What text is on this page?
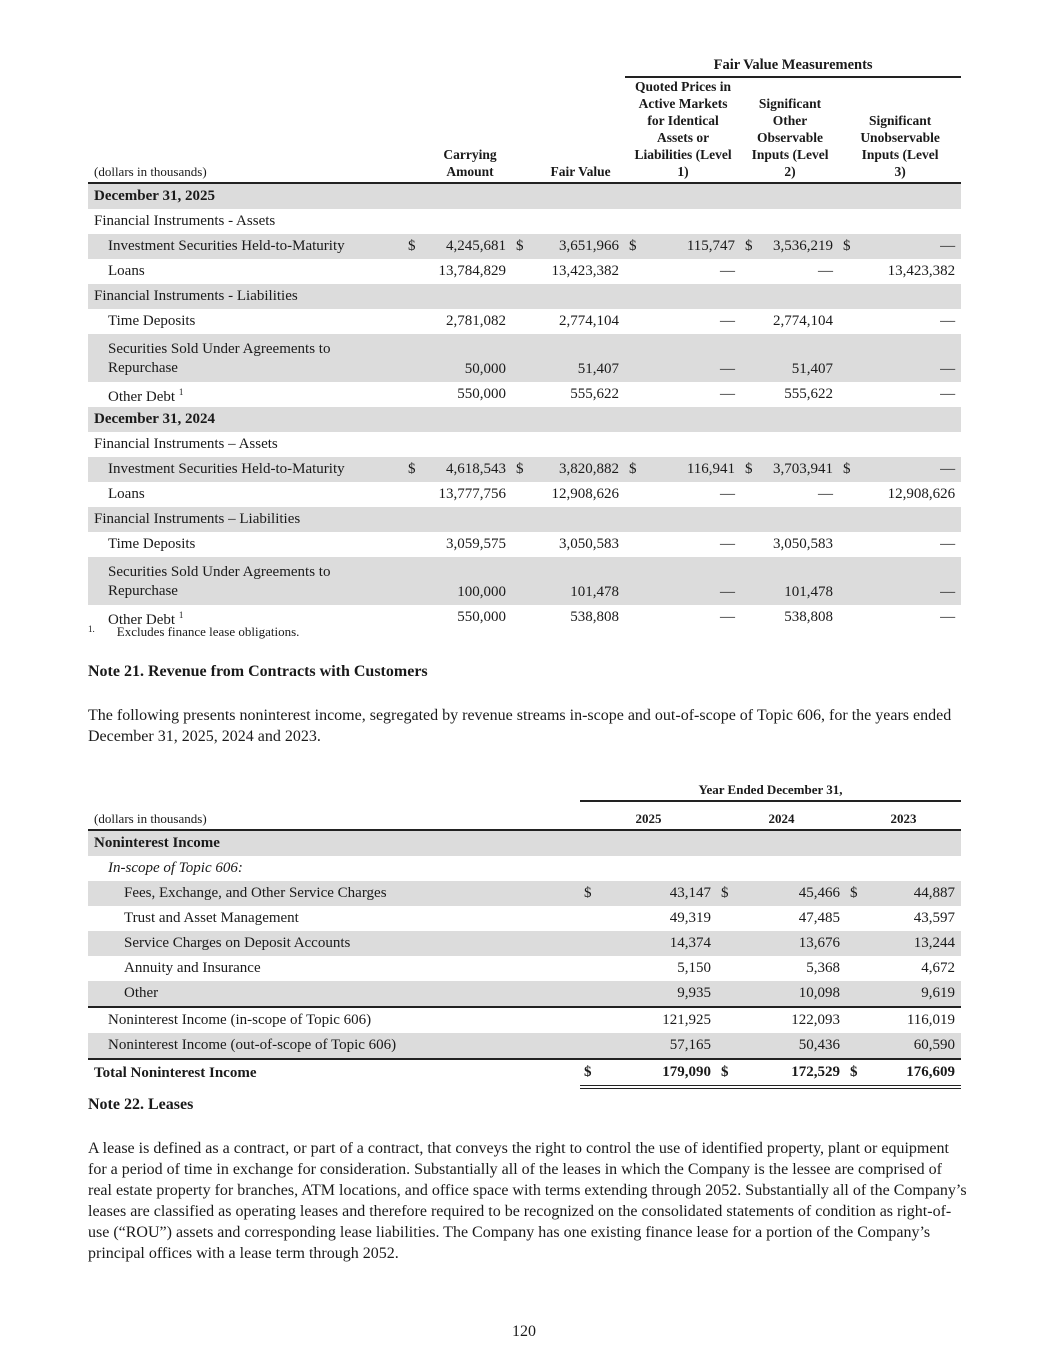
					Fair Value Measurements					
(dollars in thousands)	Carrying Amount		Fair Value		Quoted Prices in Active Markets for Identical Assets or Liabilities (Level 1)		Significant Other Observable Inputs (Level 2)		Significant Unobservable Inputs (Level 3)	
December 31, 2025										
Financial Instruments - Assets										
Investment Securities Held-to-Maturity	$	4,245,681	$	3,651,966	$	115,747	$	3,536,219	$	—
Loans		13,784,829		13,423,382		—		—		13,423,382
Financial Instruments - Liabilities										
Time Deposits		2,781,082		2,774,104		—		2,774,104		—
Securities Sold Under Agreements to Repurchase		50,000		51,407		—		51,407		—
Other Debt $^1$		550,000		555,622		—		555,622		—
December 31, 2024										
Financial Instruments – Assets										
Investment Securities Held-to-Maturity	$	4,618,543	$	3,820,882	$	116,941	$	3,703,941	$	—
Loans		13,777,756		12,908,626		—		—		12,908,626
Financial Instruments – Liabilities										
Time Deposits		3,059,575		3,050,583		—		3,050,583		—
Securities Sold Under Agreements to Repurchase		100,000		101,478		—		101,478		—
Other Debt $^1$		550,000		538,808		—		538,808		—
$^{1.}$ Excludes finance lease obligations.
Note 21. Revenue from Contracts with Customers

The following presents noninterest income, segregated by revenue streams in-scope and out-of-scope of Topic 606, for the years ended December 31, 2025, 2024 and 2023.

	Year Ended December 31,					
(dollars in thousands)	2025		2024		2023	
Noninterest Income						
In-scope of Topic 606:						
Fees, Exchange, and Other Service Charges	$	43,147	$	45,466	$	44,887
Trust and Asset Management		49,319		47,485		43,597
Service Charges on Deposit Accounts		14,374		13,676		13,244
Annuity and Insurance		5,150		5,368		4,672
Other		9,935		10,098		9,619
Noninterest Income (in-scope of Topic 606)		121,925		122,093		116,019
Noninterest Income (out-of-scope of Topic 606)		57,165		50,436		60,590
Total Noninterest Income	$	179,090	$	172,529	$	176,609
Note 22. Leases

A lease is defined as a contract, or part of a contract, that conveys the right to control the use of identified property, plant or equipment for a period of time in exchange for consideration. Substantially all of the leases in which the Company is the lessee are comprised of real estate property for branches, ATM locations, and office space with terms extending through 2052. Substantially all of the Company’s leases are classified as operating leases and therefore required to be recognized on the consolidated statements of condition as right-of-use (“ROU”) assets and corresponding lease liabilities. The Company has one existing finance lease for a portion of the Company’s principal offices with a lease term through 2052.

120
